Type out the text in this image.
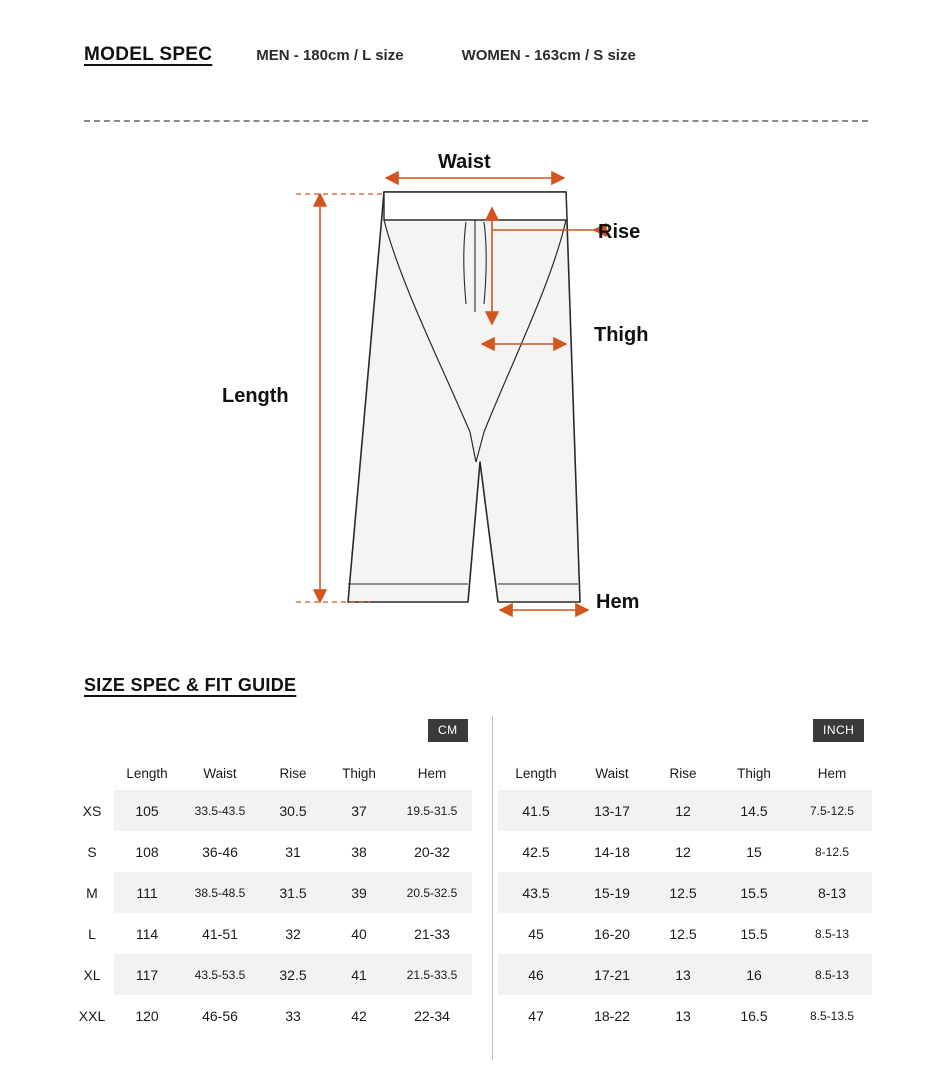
MODEL SPEC	MEN - 180cm / L size	WOMEN - 163cm / S size
Waist
Length
Rise
Thigh
Hem
SIZE SPEC & FIT GUIDE
CM	INCH
	Length	Waist	Rise	Thigh	Hem
XS	105	33.5-43.5	30.5	37	19.5-31.5
S	108	36-46	31	38	20-32
M	111	38.5-48.5	31.5	39	20.5-32.5
L	114	41-51	32	40	21-33
XL	117	43.5-53.5	32.5	41	21.5-33.5
XXL	120	46-56	33	42	22-34
Length	Waist	Rise	Thigh	Hem
41.5	13-17	12	14.5	7.5-12.5
42.5	14-18	12	15	8-12.5
43.5	15-19	12.5	15.5	8-13
45	16-20	12.5	15.5	8.5-13
46	17-21	13	16	8.5-13
47	18-22	13	16.5	8.5-13.5
